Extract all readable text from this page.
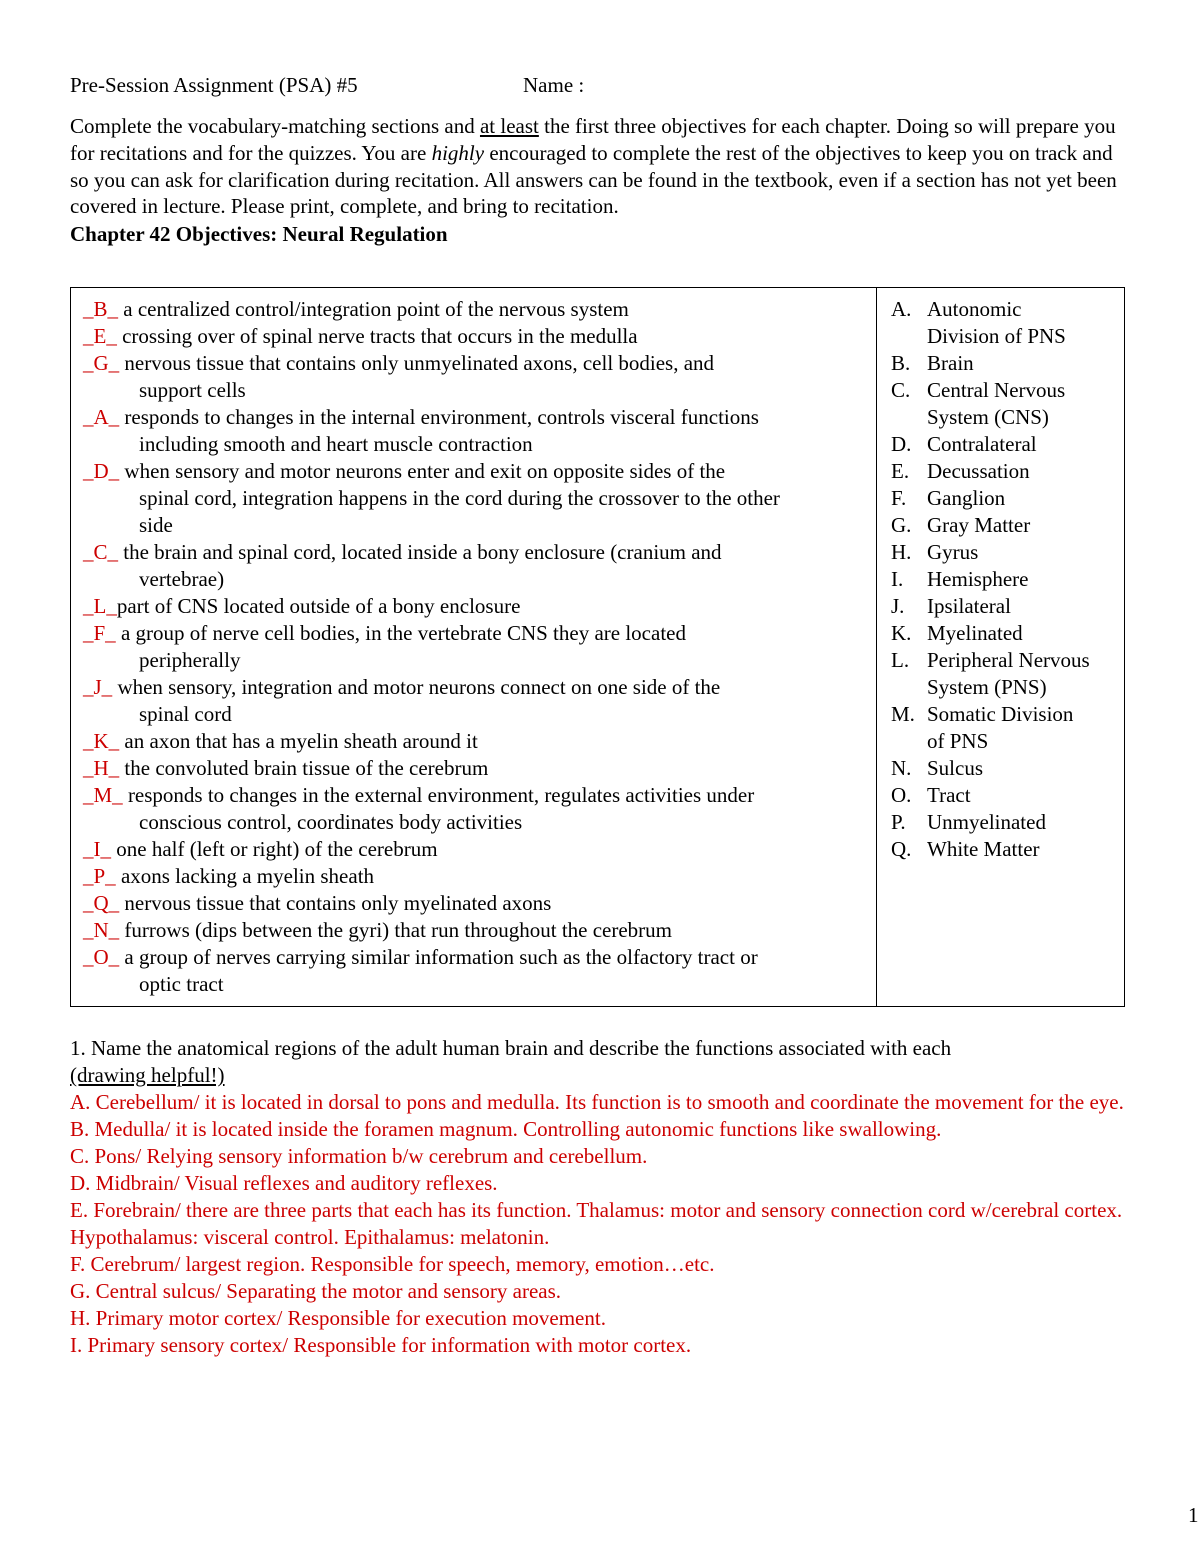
Pre-Session Assignment (PSA) #5	Name :
Complete the vocabulary-matching sections and at least the first three objectives for each chapter. Doing so will prepare you for recitations and for the quizzes. You are highly encouraged to complete the rest of the objectives to keep you on track and so you can ask for clarification during recitation. All answers can be found in the textbook, even if a section has not yet been covered in lecture. Please print, complete, and bring to recitation.
Chapter 42 Objectives: Neural Regulation
_B_ a centralized control/integration point of the nervous system
_E_ crossing over of spinal nerve tracts that occurs in the medulla
_G_ nervous tissue that contains only unmyelinated axons, cell bodies, and
support cells
_A_ responds to changes in the internal environment, controls visceral functions
including smooth and heart muscle contraction
_D_ when sensory and motor neurons enter and exit on opposite sides of the
spinal cord, integration happens in the cord during the crossover to the other
side
_C_ the brain and spinal cord, located inside a bony enclosure (cranium and
vertebrae)
_L_part of CNS located outside of a bony enclosure
_F_ a group of nerve cell bodies, in the vertebrate CNS they are located
peripherally
_J_ when sensory, integration and motor neurons connect on one side of the
spinal cord
_K_ an axon that has a myelin sheath around it
_H_ the convoluted brain tissue of the cerebrum
_M_ responds to changes in the external environment, regulates activities under
conscious control, coordinates body activities
_I_ one half (left or right) of the cerebrum
_P_ axons lacking a myelin sheath
_Q_ nervous tissue that contains only myelinated axons
_N_ furrows (dips between the gyri) that run throughout the cerebrum
_O_ a group of nerves carrying similar information such as the olfactory tract or
optic tract
A. Autonomic
Division of PNS
B. Brain
C. Central Nervous
System (CNS)
D. Contralateral
E. Decussation
F. Ganglion
G. Gray Matter
H. Gyrus
I.	Hemisphere
J.	Ipsilateral
K. Myelinated
L. Peripheral Nervous
System (PNS)
M. Somatic Division
of PNS
N. Sulcus
O. Tract
P.	Unmyelinated
Q. White Matter
1. Name the anatomical regions of the adult human brain and describe the functions associated with each
(drawing helpful!)
A. Cerebellum/ it is located in dorsal to pons and medulla. Its function is to smooth and coordinate the movement for the eye.
B. Medulla/ it is located inside the foramen magnum. Controlling autonomic functions like swallowing.
C. Pons/ Relying sensory information b/w cerebrum and cerebellum.
D. Midbrain/ Visual reflexes and auditory reflexes.
E. Forebrain/ there are three parts that each has its function. Thalamus: motor and sensory connection cord w/cerebral cortex. Hypothalamus: visceral control. Epithalamus: melatonin.
F. Cerebrum/ largest region. Responsible for speech, memory, emotion…etc.
G. Central sulcus/ Separating the motor and sensory areas.
H. Primary motor cortex/ Responsible for execution movement.
I. Primary sensory cortex/ Responsible for information with motor cortex.
1
